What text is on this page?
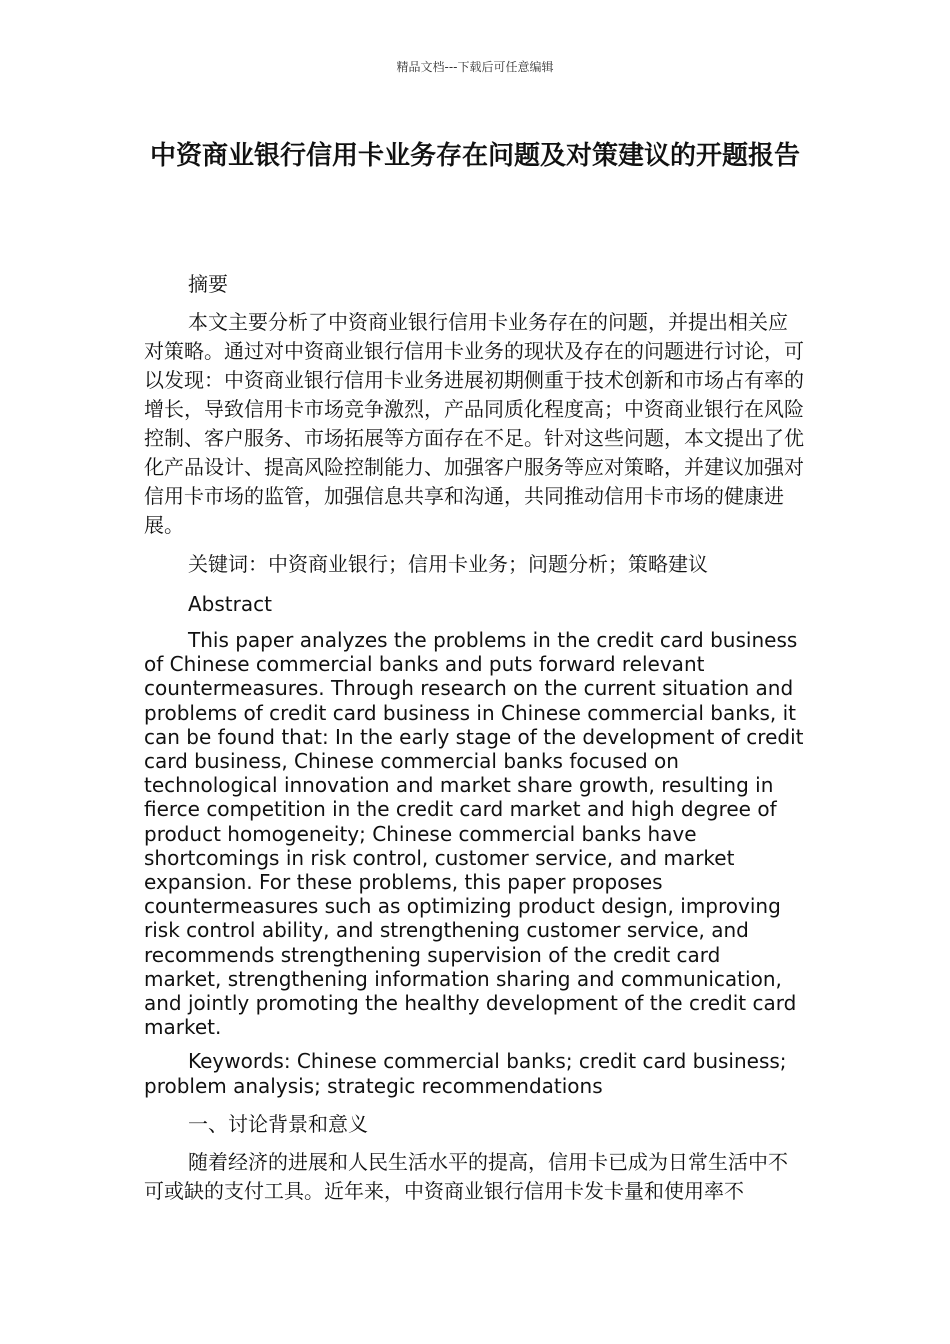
精品文档---下载后可任意编辑
中资商业银行信用卡业务存在问题及对策建议的开题报告

摘要

本文主要分析了中资商业银行信用卡业务存在的问题，并提出相关应对策略。通过对中资商业银行信用卡业务的现状及存在的问题进行讨论，可以发现：中资商业银行信用卡业务进展初期侧重于技术创新和市场占有率的增长，导致信用卡市场竞争激烈，产品同质化程度高；中资商业银行在风险控制、客户服务、市场拓展等方面存在不足。针对这些问题，本文提出了优化产品设计、提高风险控制能力、加强客户服务等应对策略，并建议加强对信用卡市场的监管，加强信息共享和沟通，共同推动信用卡市场的健康进展。

关键词：中资商业银行；信用卡业务；问题分析；策略建议

Abstract

This paper analyzes the problems in the credit card business of Chinese commercial banks and puts forward relevant countermeasures. Through research on the current situation and problems of credit card business in Chinese commercial banks, it can be found that: In the early stage of the development of credit card business, Chinese commercial banks focused on technological innovation and market share growth, resulting in fierce competition in the credit card market and high degree of product homogeneity; Chinese commercial banks have shortcomings in risk control, customer service, and market expansion. For these problems, this paper proposes countermeasures such as optimizing product design, improving risk control ability, and strengthening customer service, and recommends strengthening supervision of the credit card market, strengthening information sharing and communication, and jointly promoting the healthy development of the credit card market.

Keywords: Chinese commercial banks; credit card business; problem analysis; strategic recommendations

一、讨论背景和意义

随着经济的进展和人民生活水平的提高，信用卡已成为日常生活中不可或缺的支付工具。近年来，中资商业银行信用卡发卡量和使用率不
